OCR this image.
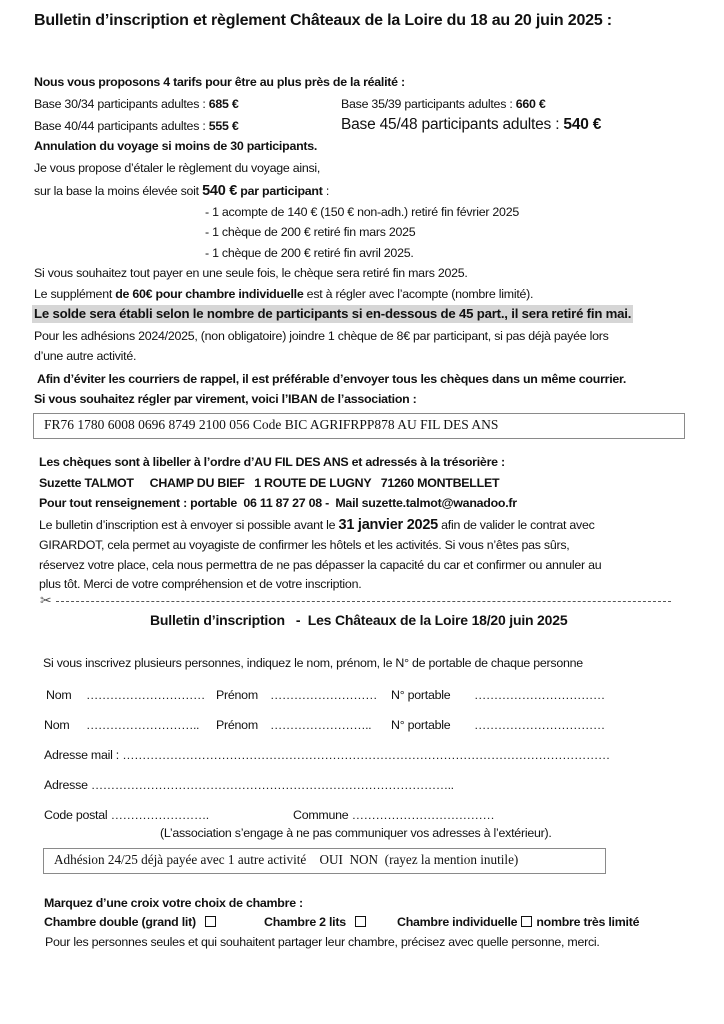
Bulletin d’inscription et règlement Châteaux de la Loire du 18 au 20 juin 2025 :
Nous vous proposons 4 tarifs pour être au plus près de la réalité :
Base 30/34 participants adultes : 685 €	Base 35/39 participants adultes : 660 €
Base 40/44 participants adultes : 555 €	Base 45/48 participants adultes : 540 €
Annulation du voyage si moins de 30 participants.
Je vous propose d’étaler le règlement du voyage ainsi,
sur la base la moins élevée soit 540 € par participant :
- 1 acompte de 140 € (150 € non-adh.) retiré fin février 2025
- 1 chèque de 200 € retiré fin mars 2025
- 1 chèque de 200 € retiré fin avril 2025.
Si vous souhaitez tout payer en une seule fois, le chèque sera retiré fin mars 2025.
Le supplément de 60€ pour chambre individuelle est à régler avec l’acompte (nombre limité).
Le solde sera établi selon le nombre de participants si en-dessous de 45 part., il sera retiré fin mai.
Pour les adhésions 2024/2025, (non obligatoire) joindre 1 chèque de 8€ par participant, si pas déjà payée lors
d’une autre activité.
Afin d’éviter les courriers de rappel, il est préférable d’envoyer tous les chèques dans un même courrier.
Si vous souhaitez régler par virement, voici l’IBAN de l’association :
FR76 1780 6008 0696 8749 2100 056 Code BIC AGRIFRPP878 AU FIL DES ANS
Les chèques sont à libeller à l’ordre d’AU FIL DES ANS et adressés à la trésorière :
Suzette TALMOT     CHAMP DU BIEF   1 ROUTE DE LUGNY   71260 MONTBELLET
Pour tout renseignement : portable  06 11 87 27 08 -  Mail suzette.talmot@wanadoo.fr
Le bulletin d’inscription est à envoyer si possible avant le 31 janvier 2025 afin de valider le contrat avec
GIRARDOT, cela permet au voyagiste de confirmer les hôtels et les activités. Si vous n’êtes pas sûrs,
réservez votre place, cela nous permettra de ne pas dépasser la capacité du car et confirmer ou annuler au
plus tôt. Merci de votre compréhension et de votre inscription.
✂
Bulletin d’inscription   -  Les Châteaux de la Loire 18/20 juin 2025
Si vous inscrivez plusieurs personnes, indiquez le nom, prénom, le N° de portable de chaque personne
Nom ………………………… Prénom ……………………… N° portable ……………………………
Nom ……………………….. Prénom …………………….. N° portable ……………………………
Adresse mail : ……………………………………………………………………………………………………………
Adresse ………………………………………………………………………………..
Code postal …………………….	Commune ………………………………
(L’association s’engage à ne pas communiquer vos adresses à l’extérieur).
Adhésion 24/25 déjà payée avec 1 autre activité    OUI  NON  (rayez la mention inutile)
Marquez d’une croix votre choix de chambre :
Chambre double (grand lit)	Chambre 2 lits	Chambre individuelle nombre très limité
Pour les personnes seules et qui souhaitent partager leur chambre, précisez avec quelle personne, merci.
